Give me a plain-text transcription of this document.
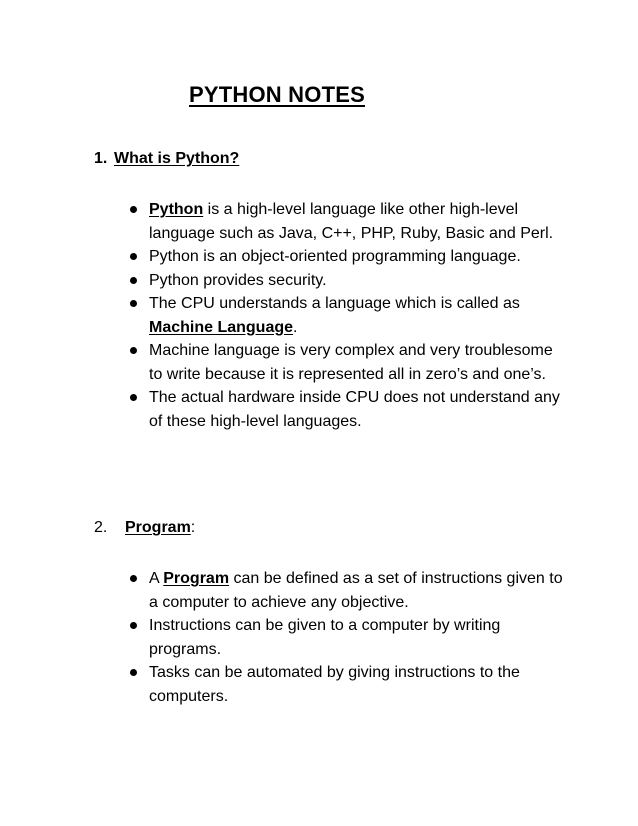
PYTHON NOTES
1. What is Python?
Python is a high-level language like other high-level language such as Java, C++, PHP, Ruby, Basic and Perl.
Python is an object-oriented programming language.
Python provides security.
The CPU understands a language which is called as Machine Language.
Machine language is very complex and very troublesome to write because it is represented all in zero’s and one’s.
The actual hardware inside CPU does not understand any of these high-level languages.
2. Program:
A Program can be defined as a set of instructions given to a computer to achieve any objective.
Instructions can be given to a computer by writing programs.
Tasks can be automated by giving instructions to the computers.
